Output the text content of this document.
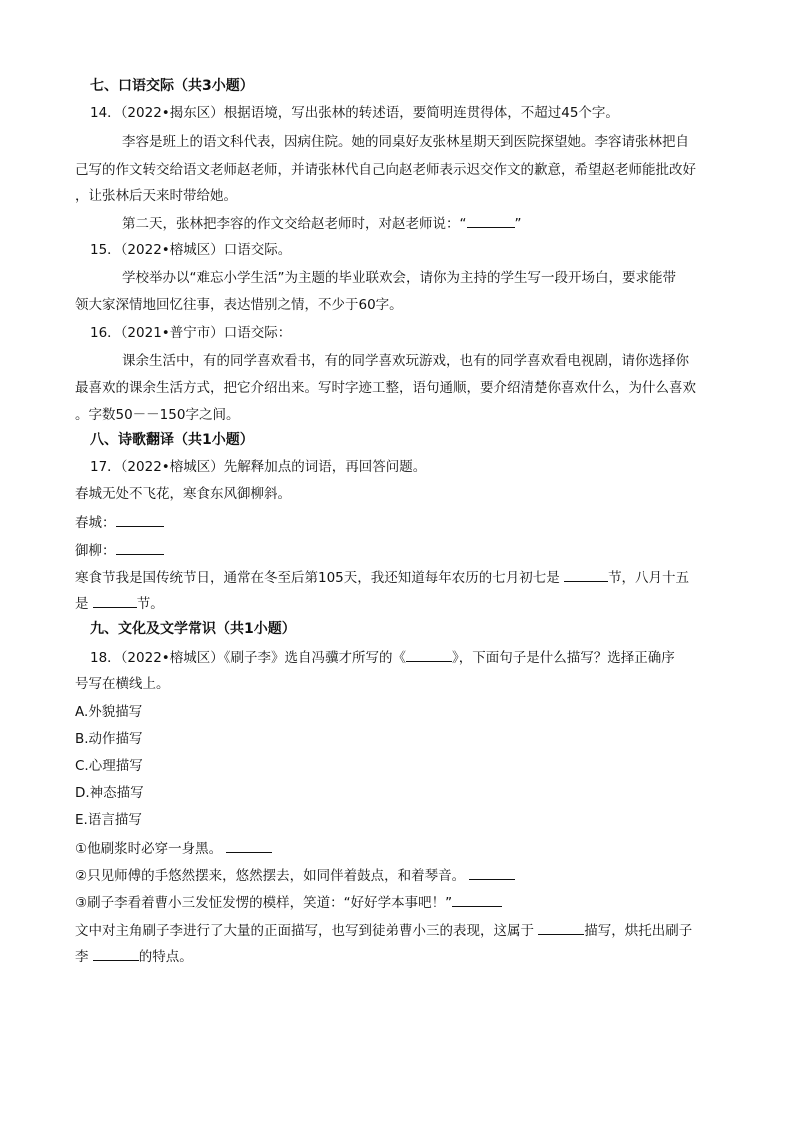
七、口语交际（共3小题）
14．（2022•揭东区）根据语境，写出张林的转述语，要简明连贯得体，不超过45个字。
李容是班上的语文科代表，因病住院。她的同桌好友张林星期天到医院探望她。李容请张林把自
己写的作文转交给语文老师赵老师，并请张林代自己向赵老师表示迟交作文的歉意，希望赵老师能批改好
，让张林后天来时带给她。
第二天，张林把李容的作文交给赵老师时，对赵老师说：“	”
15．（2022•榕城区）口语交际。
学校举办以“难忘小学生活”为主题的毕业联欢会，请你为主持的学生写一段开场白，要求能带
领大家深情地回忆往事，表达惜别之情，不少于60字。
16．（2021•普宁市）口语交际：
课余生活中，有的同学喜欢看书，有的同学喜欢玩游戏，也有的同学喜欢看电视剧，请你选择你
最喜欢的课余生活方式，把它介绍出来。写时字迹工整，语句通顺，要介绍清楚你喜欢什么，为什么喜欢
。字数50－－150字之间。
八、诗歌翻译（共1小题）
17．（2022•榕城区）先解释加点的词语，再回答问题。
春城无处不飞花，寒食东风御柳斜。
春城：
御柳：
寒食节我是国传统节日，通常在冬至后第105天，我还知道每年农历的七月初七是	节，八月十五
是	节。
九、文化及文学常识（共1小题）
18．（2022•榕城区）《刷子李》选自冯骥才所写的《	》，下面句子是什么描写？选择正确序
号写在横线上。
A.外貌描写
B.动作描写
C.心理描写
D.神态描写
E.语言描写
①他刷浆时必穿一身黑。
②只见师傅的手悠然摆来，悠然摆去，如同伴着鼓点，和着琴音。
③刷子李看着曹小三发怔发愣的模样，笑道：“好好学本事吧！”
文中对主角刷子李进行了大量的正面描写，也写到徒弟曹小三的表现，这属于	描写，烘托出刷子
李	的特点。
